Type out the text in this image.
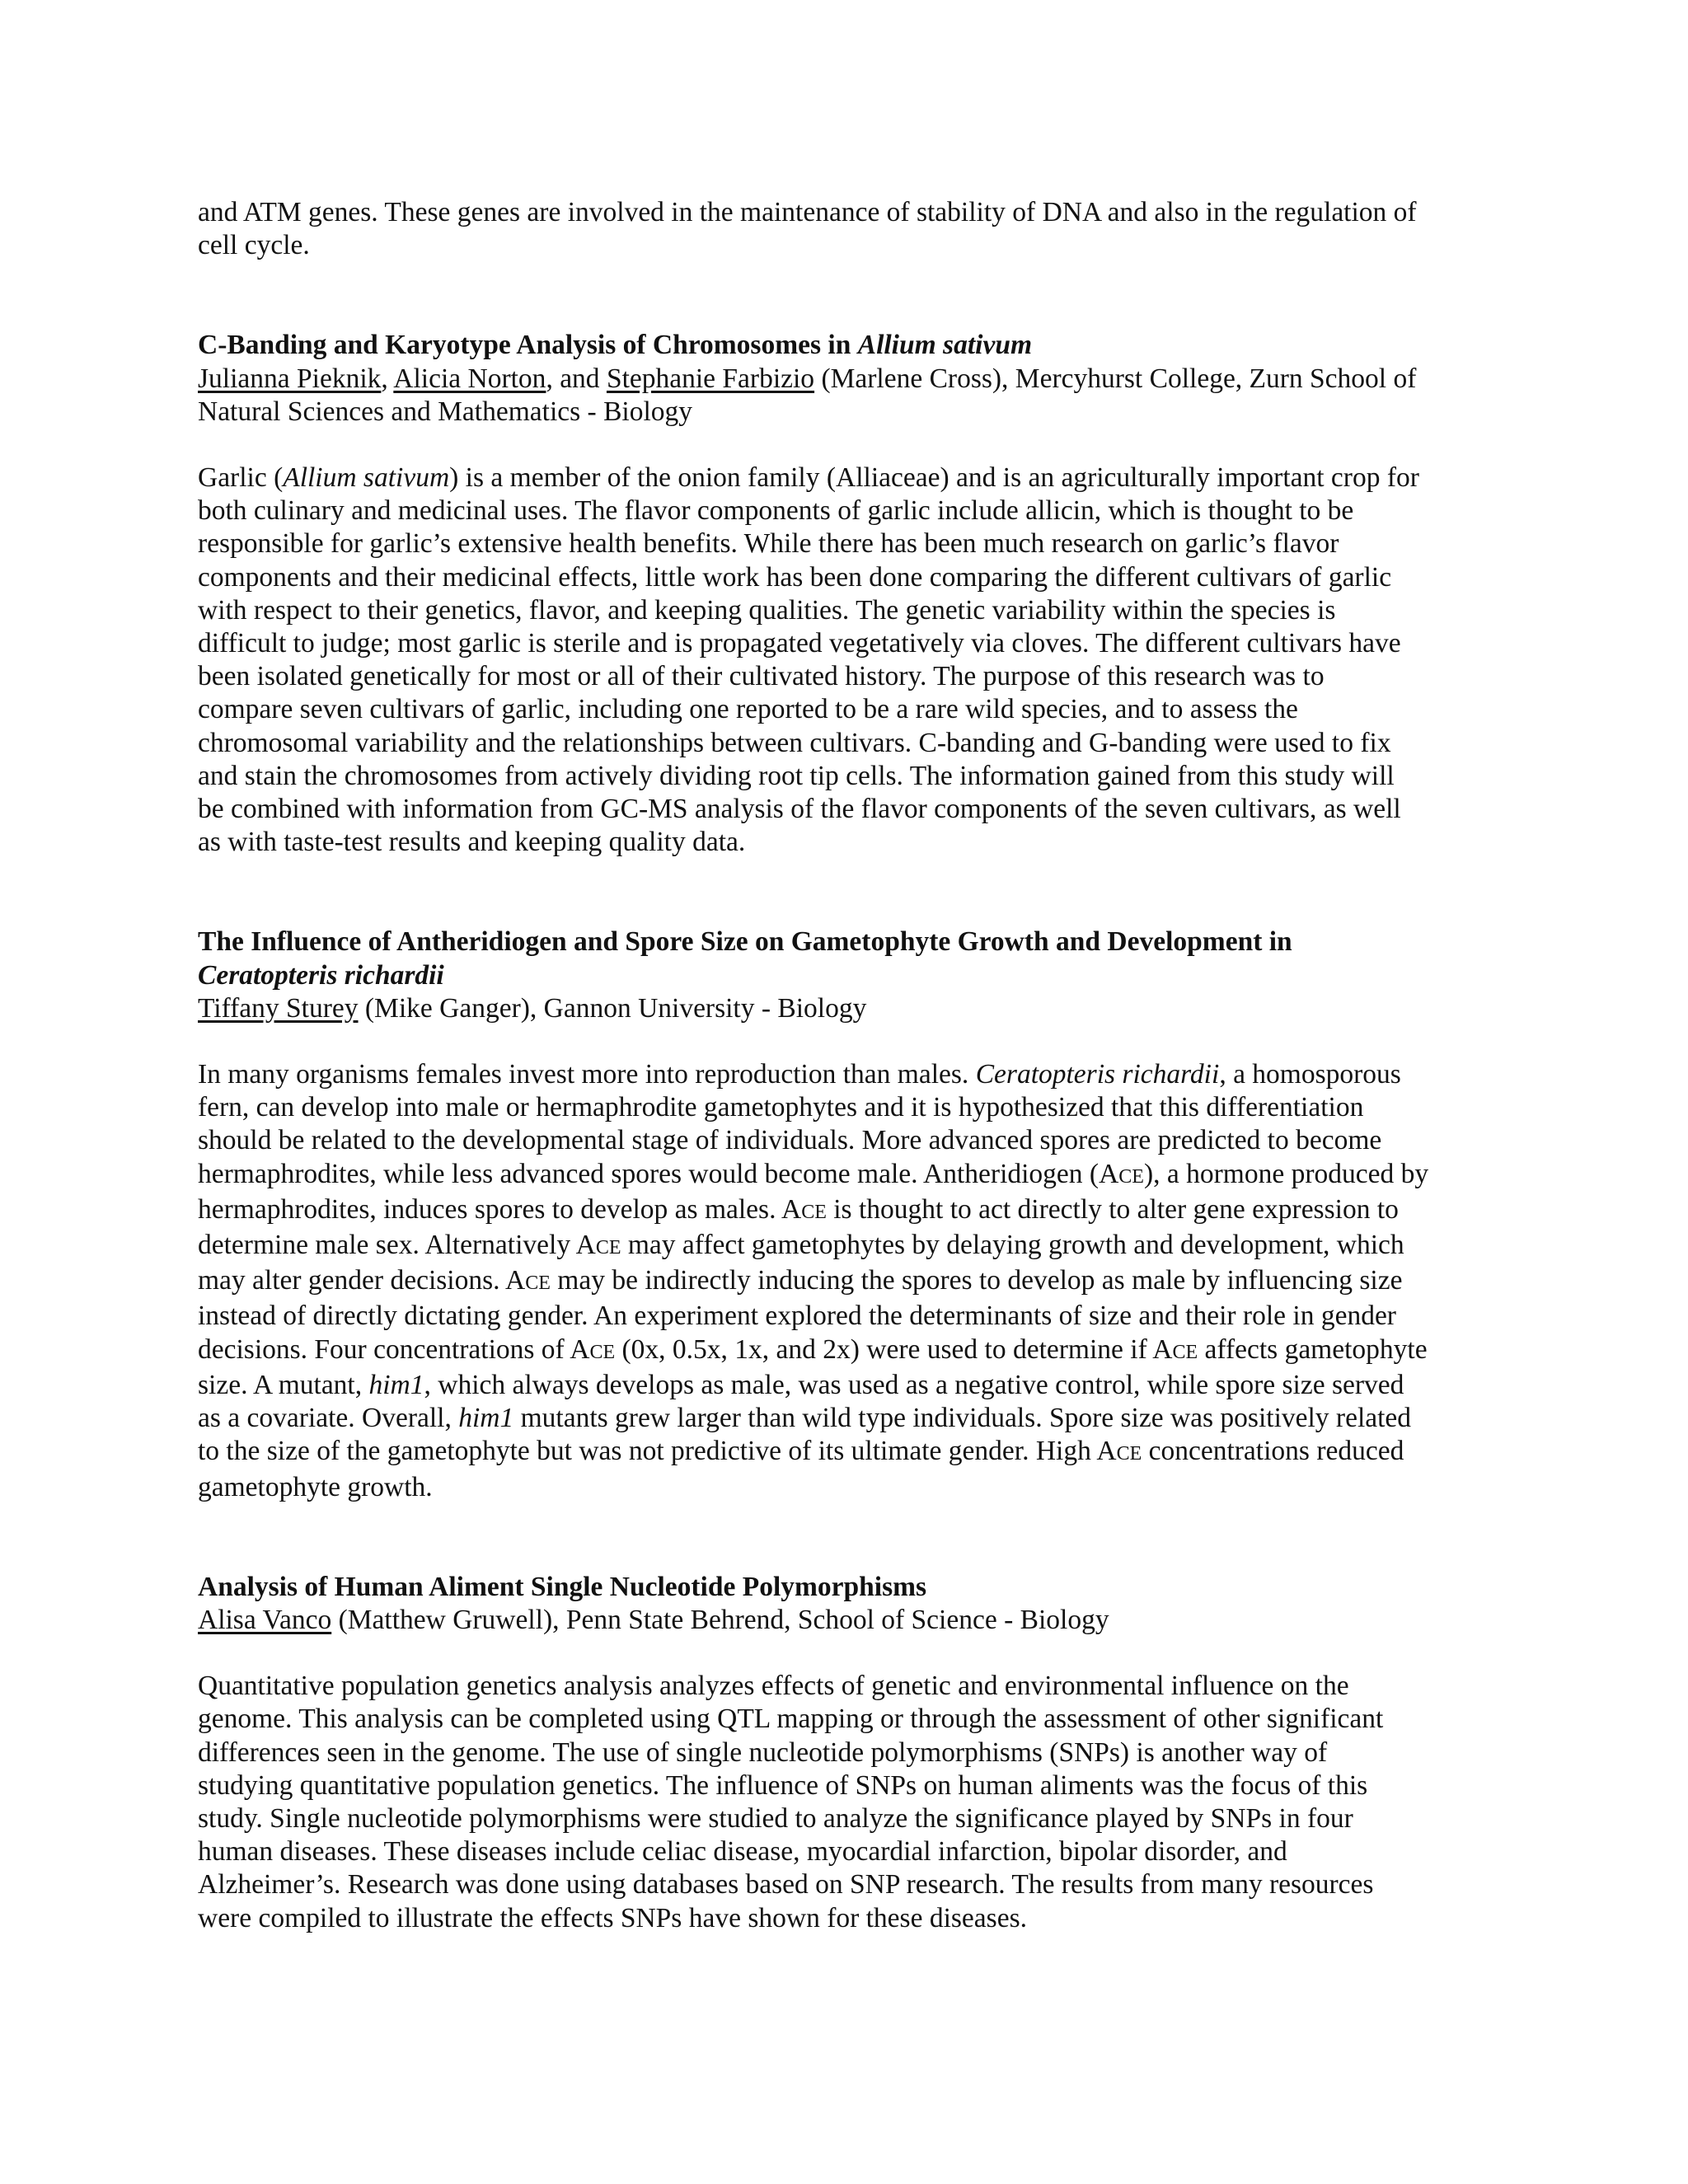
and ATM genes. These genes are involved in the maintenance of stability of DNA and also in the regulation of
cell cycle.
C-Banding and Karyotype Analysis of Chromosomes in Allium sativum
Julianna Pieknik, Alicia Norton, and Stephanie Farbizio (Marlene Cross), Mercyhurst College, Zurn School of
Natural Sciences and Mathematics - Biology
Garlic (Allium sativum) is a member of the onion family (Alliaceae) and is an agriculturally important crop for
both culinary and medicinal uses. The flavor components of garlic include allicin, which is thought to be
responsible for garlic’s extensive health benefits. While there has been much research on garlic’s flavor
components and their medicinal effects, little work has been done comparing the different cultivars of garlic
with respect to their genetics, flavor, and keeping qualities. The genetic variability within the species is
difficult to judge; most garlic is sterile and is propagated vegetatively via cloves. The different cultivars have
been isolated genetically for most or all of their cultivated history. The purpose of this research was to
compare seven cultivars of garlic, including one reported to be a rare wild species, and to assess the
chromosomal variability and the relationships between cultivars. C-banding and G-banding were used to fix
and stain the chromosomes from actively dividing root tip cells. The information gained from this study will
be combined with information from GC-MS analysis of the flavor components of the seven cultivars, as well
as with taste-test results and keeping quality data.
The Influence of Antheridiogen and Spore Size on Gametophyte Growth and Development in
Ceratopteris richardii
Tiffany Sturey (Mike Ganger), Gannon University - Biology
In many organisms females invest more into reproduction than males. Ceratopteris richardii, a homosporous
fern, can develop into male or hermaphrodite gametophytes and it is hypothesized that this differentiation
should be related to the developmental stage of individuals. More advanced spores are predicted to become
hermaphrodites, while less advanced spores would become male. Antheridiogen (ACE), a hormone produced by
hermaphrodites, induces spores to develop as males. ACE is thought to act directly to alter gene expression to
determine male sex. Alternatively ACE may affect gametophytes by delaying growth and development, which
may alter gender decisions. ACE may be indirectly inducing the spores to develop as male by influencing size
instead of directly dictating gender. An experiment explored the determinants of size and their role in gender
decisions. Four concentrations of ACE (0x, 0.5x, 1x, and 2x) were used to determine if ACE affects gametophyte
size. A mutant, him1, which always develops as male, was used as a negative control, while spore size served
as a covariate. Overall, him1 mutants grew larger than wild type individuals. Spore size was positively related
to the size of the gametophyte but was not predictive of its ultimate gender. High ACE concentrations reduced
gametophyte growth.
Analysis of Human Aliment Single Nucleotide Polymorphisms
Alisa Vanco (Matthew Gruwell), Penn State Behrend, School of Science - Biology
Quantitative population genetics analysis analyzes effects of genetic and environmental influence on the
genome. This analysis can be completed using QTL mapping or through the assessment of other significant
differences seen in the genome. The use of single nucleotide polymorphisms (SNPs) is another way of
studying quantitative population genetics. The influence of SNPs on human aliments was the focus of this
study. Single nucleotide polymorphisms were studied to analyze the significance played by SNPs in four
human diseases. These diseases include celiac disease, myocardial infarction, bipolar disorder, and
Alzheimer’s. Research was done using databases based on SNP research. The results from many resources
were compiled to illustrate the effects SNPs have shown for these diseases.
